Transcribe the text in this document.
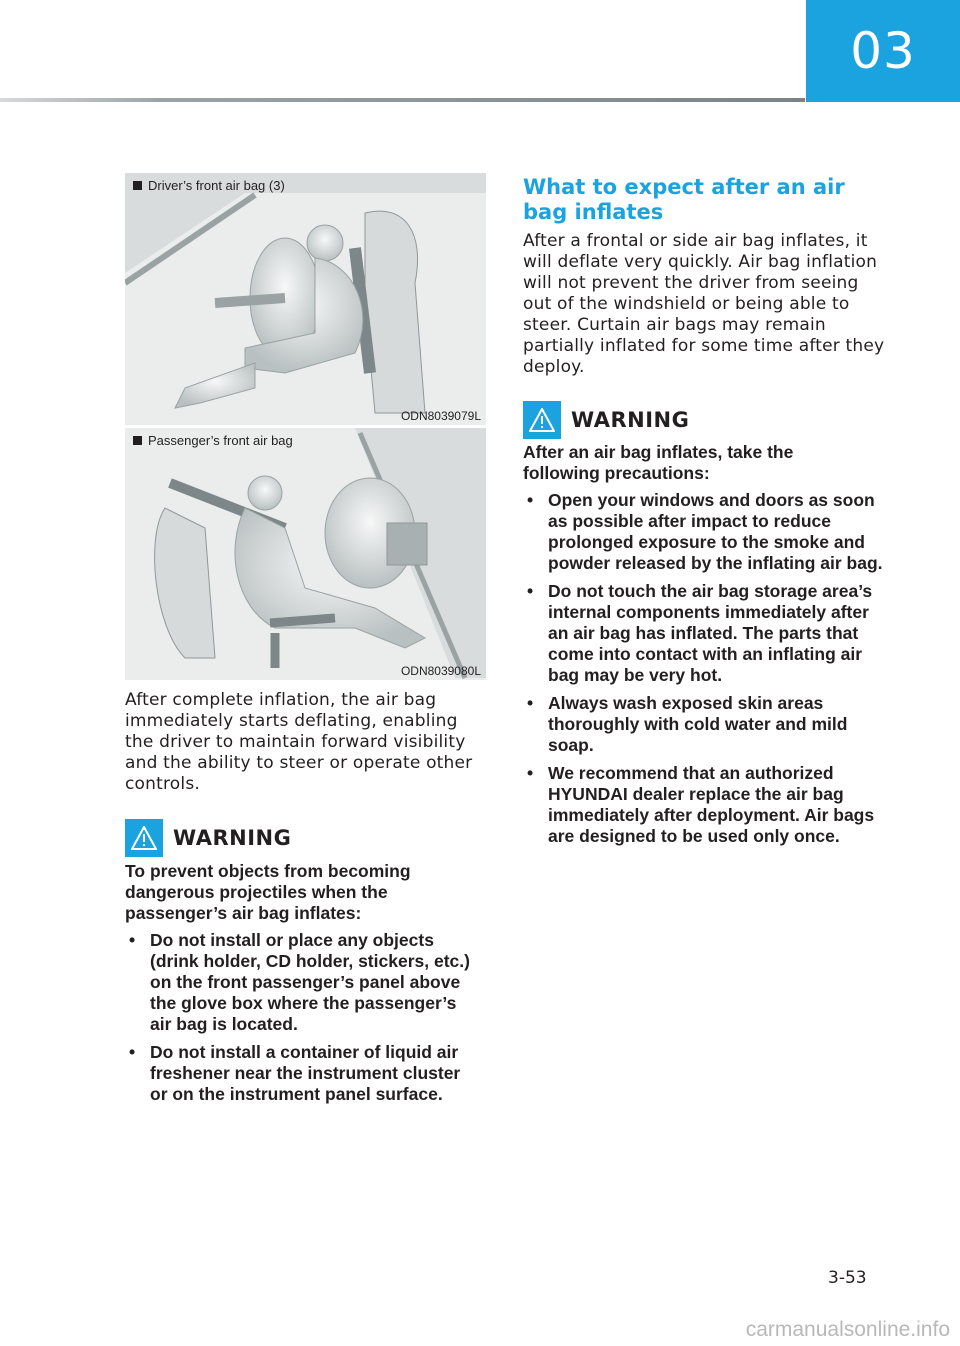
03
Driver’s front air bag (3)
ODN8039079L
Passenger’s front air bag
ODN8039080L
After complete inflation, the air bag immediately starts deflating, enabling the driver to maintain forward visibility and the ability to steer or operate other controls.
WARNING
To prevent objects from becoming dangerous projectiles when the passenger’s air bag inflates:
• Do not install or place any objects (drink holder, CD holder, stickers, etc.) on the front passenger’s panel above the glove box where the passenger’s air bag is located.
• Do not install a container of liquid air freshener near the instrument cluster or on the instrument panel surface.
What to expect after an air bag inflates
After a frontal or side air bag inflates, it will deflate very quickly. Air bag inflation will not prevent the driver from seeing out of the windshield or being able to steer. Curtain air bags may remain partially inflated for some time after they deploy.
WARNING
After an air bag inflates, take the following precautions:
• Open your windows and doors as soon as possible after impact to reduce prolonged exposure to the smoke and powder released by the inflating air bag.
• Do not touch the air bag storage area’s internal components immediately after an air bag has inflated. The parts that come into contact with an inflating air bag may be very hot.
• Always wash exposed skin areas thoroughly with cold water and mild soap.
• We recommend that an authorized HYUNDAI dealer replace the air bag immediately after deployment. Air bags are designed to be used only once.
3-53
carmanualsonline.info
